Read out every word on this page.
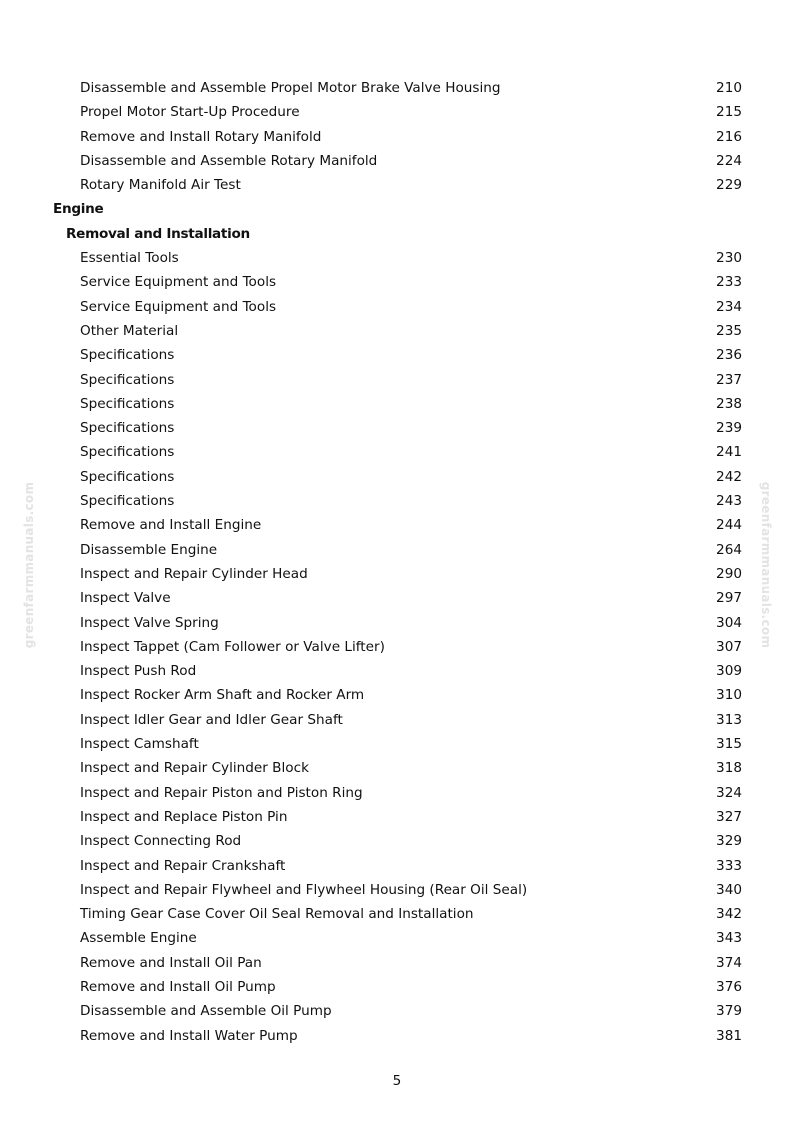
greenfarmmanuals.com	greenfarmmanuals.com
Disassemble and Assemble Propel Motor Brake Valve Housing	210
Propel Motor Start-Up Procedure	215
Remove and Install Rotary Manifold	216
Disassemble and Assemble Rotary Manifold	224
Rotary Manifold Air Test	229
Engine
Removal and Installation
Essential Tools	230
Service Equipment and Tools	233
Service Equipment and Tools	234
Other Material	235
Specifications	236
Specifications	237
Specifications	238
Specifications	239
Specifications	241
Specifications	242
Specifications	243
Remove and Install Engine	244
Disassemble Engine	264
Inspect and Repair Cylinder Head	290
Inspect Valve	297
Inspect Valve Spring	304
Inspect Tappet (Cam Follower or Valve Lifter)	307
Inspect Push Rod	309
Inspect Rocker Arm Shaft and Rocker Arm	310
Inspect Idler Gear and Idler Gear Shaft	313
Inspect Camshaft	315
Inspect and Repair Cylinder Block	318
Inspect and Repair Piston and Piston Ring	324
Inspect and Replace Piston Pin	327
Inspect Connecting Rod	329
Inspect and Repair Crankshaft	333
Inspect and Repair Flywheel and Flywheel Housing (Rear Oil Seal)	340
Timing Gear Case Cover Oil Seal Removal and Installation	342
Assemble Engine	343
Remove and Install Oil Pan	374
Remove and Install Oil Pump	376
Disassemble and Assemble Oil Pump	379
Remove and Install Water Pump	381
5
